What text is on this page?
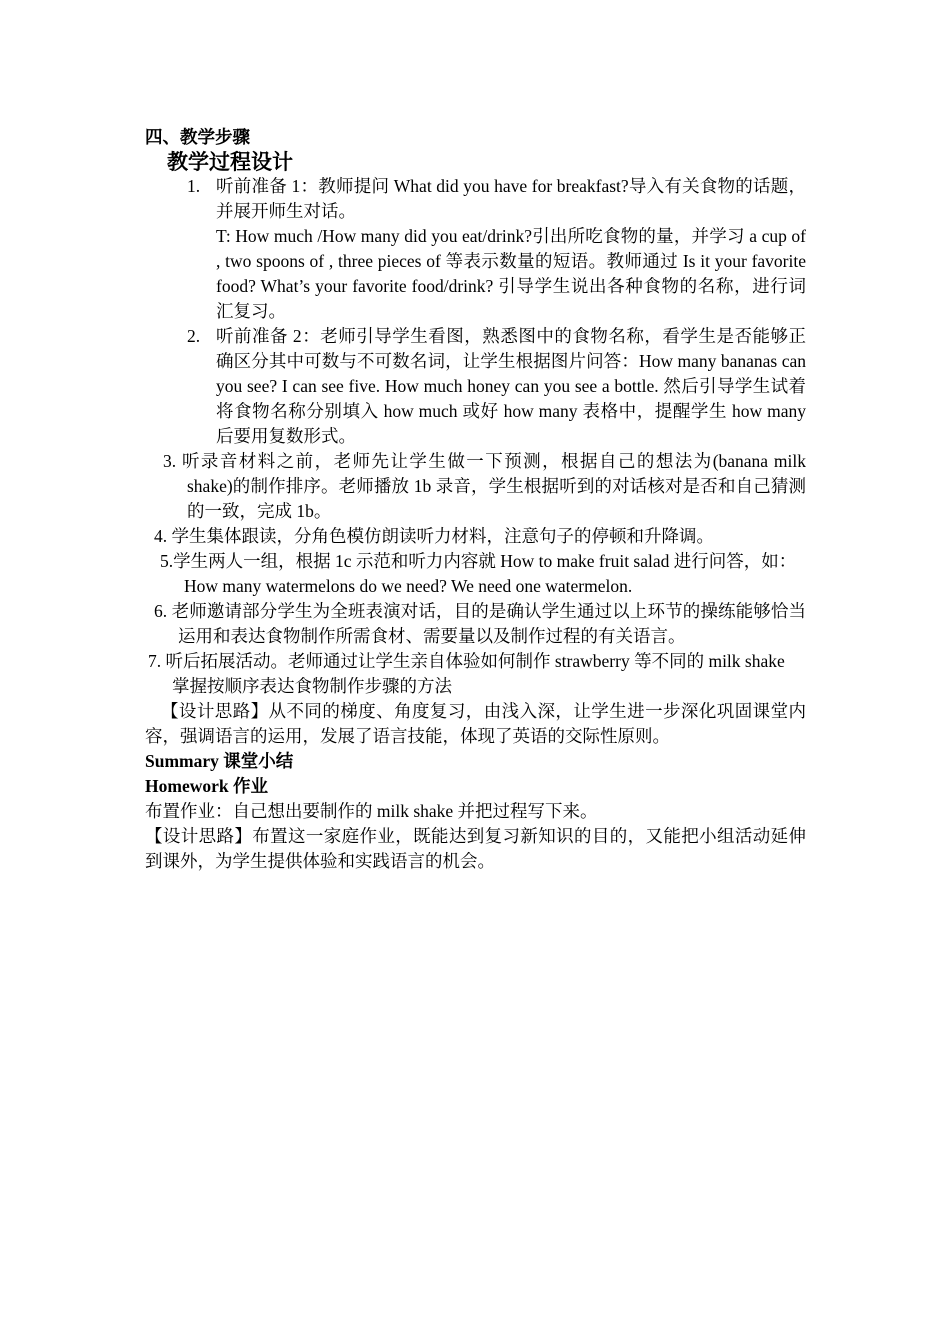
四、教学步骤
教学过程设计
1. 听前准备 1：教师提问 What did you have for breakfast?导入有关食物的话题， 并展开师生对话。
T: How much /How many did you eat/drink?引出所吃食物的量，并学习 a cup of , two spoons of , three pieces of 等表示数量的短语。教师通过 Is it your favorite food? What’s your favorite food/drink? 引导学生说出各种食物的名称，进行词汇复习。
2. 听前准备 2：老师引导学生看图，熟悉图中的食物名称，看学生是否能够正确区分其中可数与不可数名词，让学生根据图片问答：How many bananas can you see? I can see five. How much honey can you see a bottle. 然后引导学生试着将食物名称分别填入 how much 或好 how many 表格中，提醒学生 how many 后要用复数形式。
3. 听录音材料之前，老师先让学生做一下预测，根据自己的想法为(banana milk shake)的制作排序。老师播放 1b 录音，学生根据听到的对话核对是否和自己猜测的一致，完成 1b。
4. 学生集体跟读，分角色模仿朗读听力材料，注意句子的停顿和升降调。
5.学生两人一组，根据 1c 示范和听力内容就 How to make fruit salad 进行问答，如： How many watermelons do we need? We need one watermelon.
6. 老师邀请部分学生为全班表演对话，目的是确认学生通过以上环节的操练能够恰当运用和表达食物制作所需食材、需要量以及制作过程的有关语言。
7. 听后拓展活动。老师通过让学生亲自体验如何制作 strawberry 等不同的 milk shake 掌握按顺序表达食物制作步骤的方法
【设计思路】从不同的梯度、角度复习，由浅入深，让学生进一步深化巩固课堂内容，强调语言的运用，发展了语言技能，体现了英语的交际性原则。
Summary 课堂小结
Homework 作业
布置作业：自己想出要制作的 milk shake 并把过程写下来。
【设计思路】布置这一家庭作业，既能达到复习新知识的目的，又能把小组活动延伸到课外，为学生提供体验和实践语言的机会。
